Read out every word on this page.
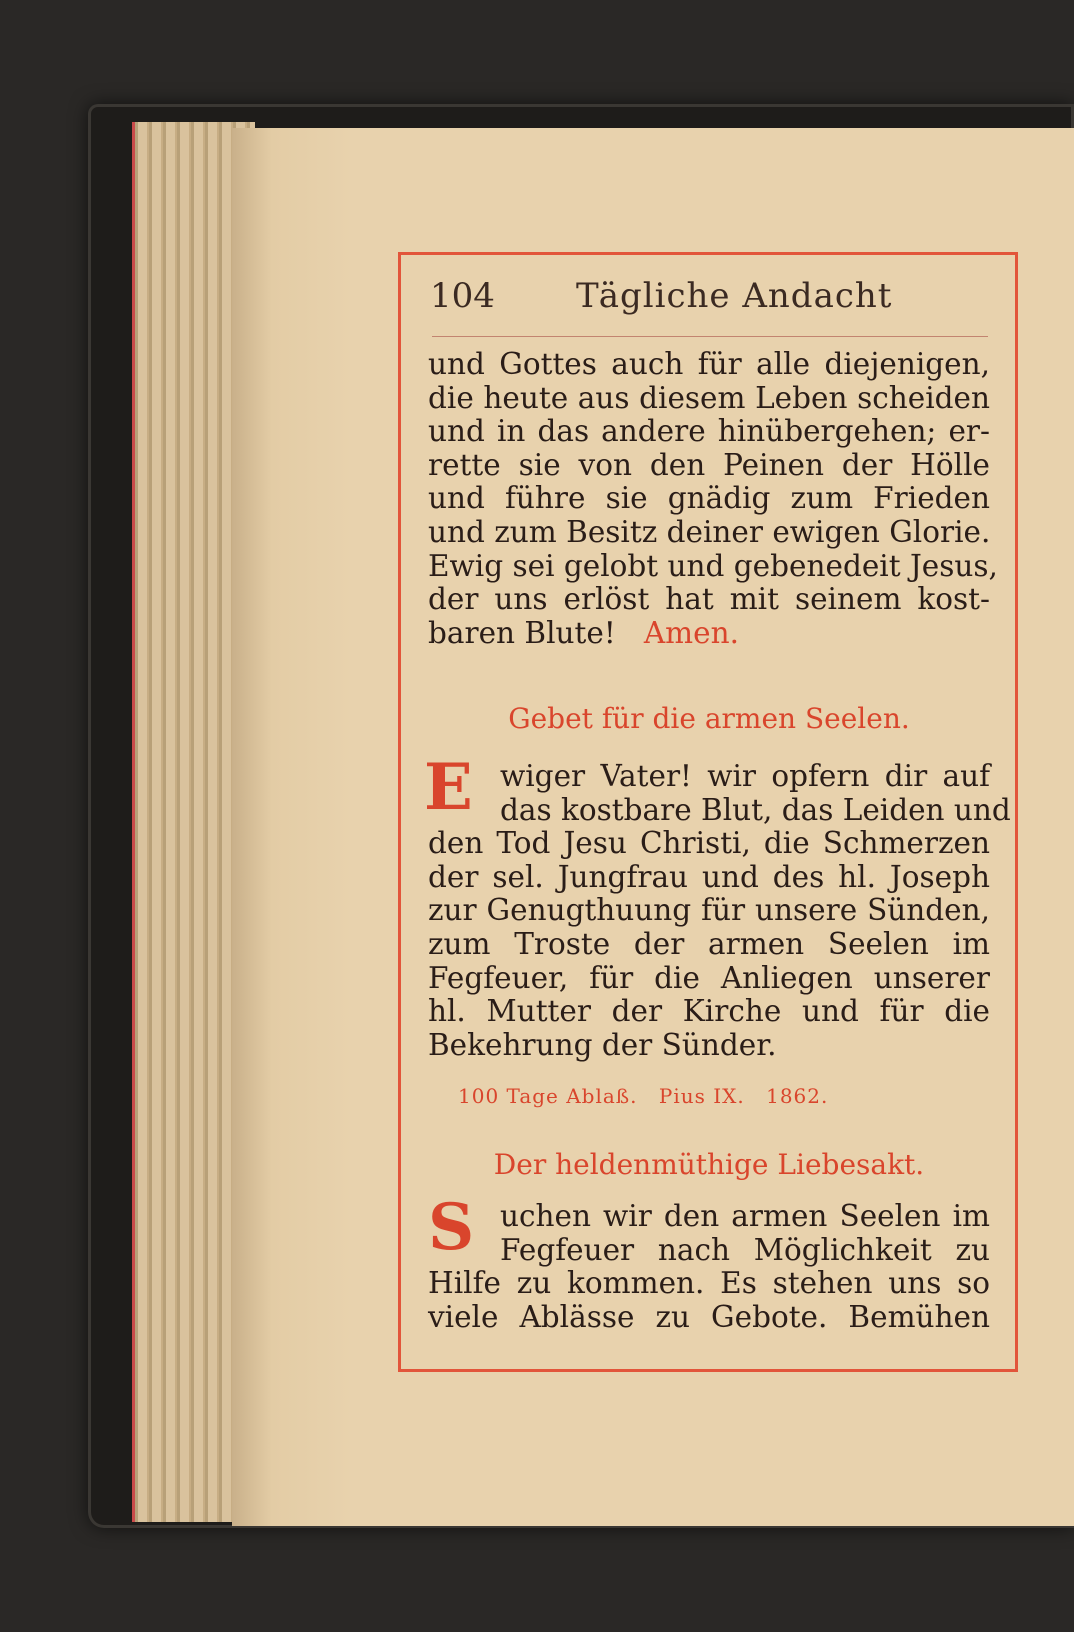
104 Tägliche Andacht
und Gottes auch für alle diejenigen,
die heute aus diesem Leben scheiden
und in das andere hinübergehen; er-
rette sie von den Peinen der Hölle
und führe sie gnädig zum Frieden
und zum Besitz deiner ewigen Glorie.
Ewig sei gelobt und gebenedeit Jesus,
der uns erlöst hat mit seinem kost-
baren Blute! Amen.
Gebet für die armen Seelen.
E wiger Vater! wir opfern dir auf
das kostbare Blut, das Leiden und
den Tod Jesu Christi, die Schmerzen
der sel. Jungfrau und des hl. Joseph
zur Genugthuung für unsere Sünden,
zum Troste der armen Seelen im
Fegfeuer, für die Anliegen unserer
hl. Mutter der Kirche und für die
Bekehrung der Sünder.
100 Tage Ablaß. Pius IX. 1862.
Der heldenmüthige Liebesakt.
S uchen wir den armen Seelen im
Fegfeuer nach Möglichkeit zu
Hilfe zu kommen. Es stehen uns so
viele Ablässe zu Gebote. Bemühen
